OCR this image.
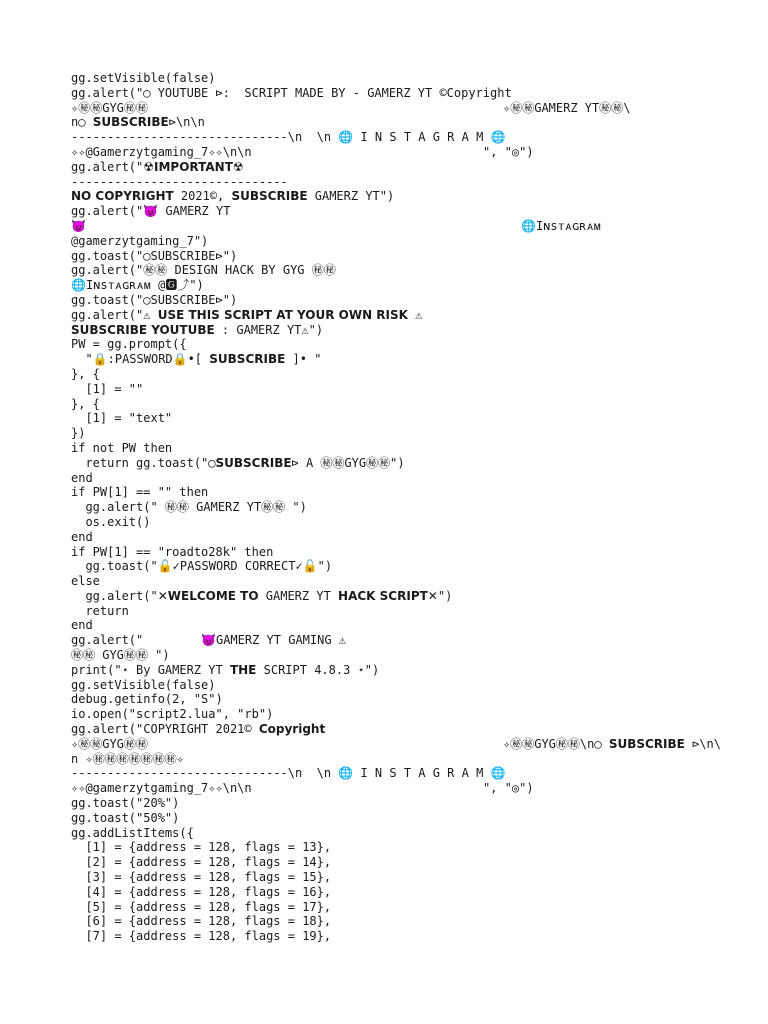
gg.setVisible(false)
gg.alert("◯ YOUTUBE ⊳:  SCRIPT MADE BY - GAMERZ YT ©Copyright
✧㊙㊙GYG㊙㊙	✧㊙㊙GAMERZ YT㊙㊙\
n◯ SUBSCRIBE⊳\n\n
------------------------------\n  \n 🌐 I N S T A G R A M 🌐
✧✧@Gamerzytgaming_7✧✧\n\n	", "◎")
gg.alert("☢IMPORTANT☢
------------------------------
NO COPYRIGHT 2021©, SUBSCRIBE GAMERZ YT")
gg.alert("😈 GAMERZ YT
😈	🌐Iɴsᴛᴀɢʀᴀᴍ
@gamerzytgaming_7")
gg.toast("◯SUBSCRIBE⊳")
gg.alert("㊙㊙ DESIGN HACK BY GYG ㊙㊙
🌐Iɴsᴛᴀɢʀᴀᴍ @🅶⤴")
gg.toast("◯SUBSCRIBE⊳")
gg.alert("⚠ USE THIS SCRIPT AT YOUR OWN RISK ⚠
SUBSCRIBE YOUTUBE : GAMERZ YT⚠")
PW = gg.prompt({
"🔒:PASSWORD🔒•[ SUBSCRIBE ]• "
}, {
[1] = ""
}, {
[1] = "text"
})
if not PW then
return gg.toast("◯SUBSCRIBE⊳ A ㊙㊙GYG㊙㊙")
end
if PW[1] == "" then
gg.alert(" ㊙㊙ GAMERZ YT㊙㊙ ")
os.exit()
end
if PW[1] == "roadto28k" then
gg.toast("🔓✓PASSWORD CORRECT✓🔓")
else
gg.alert("✕WELCOME TO GAMERZ YT HACK SCRIPT✕")
return
end
gg.alert("        😈GAMERZ YT GAMING ⚠
㊙㊙ GYG㊙㊙ ")
print("⋆ By GAMERZ YT THE SCRIPT 4.8.3 ⋆")
gg.setVisible(false)
debug.getinfo(2, "S")
io.open("script2.lua", "rb")
gg.alert("COPYRIGHT 2021© Copyright
✧㊙㊙GYG㊙㊙	✧㊙㊙GYG㊙㊙\n◯ SUBSCRIBE ⊳\n\
n ✧㊙㊙㊙㊙㊙㊙㊙✧
------------------------------\n  \n 🌐 I N S T A G R A M 🌐
✧✧@gamerzytgaming_7✧✧\n\n	", "◎")
gg.toast("20%")
gg.toast("50%")
gg.addListItems({
[1] = {address = 128, flags = 13},
[2] = {address = 128, flags = 14},
[3] = {address = 128, flags = 15},
[4] = {address = 128, flags = 16},
[5] = {address = 128, flags = 17},
[6] = {address = 128, flags = 18},
[7] = {address = 128, flags = 19},
